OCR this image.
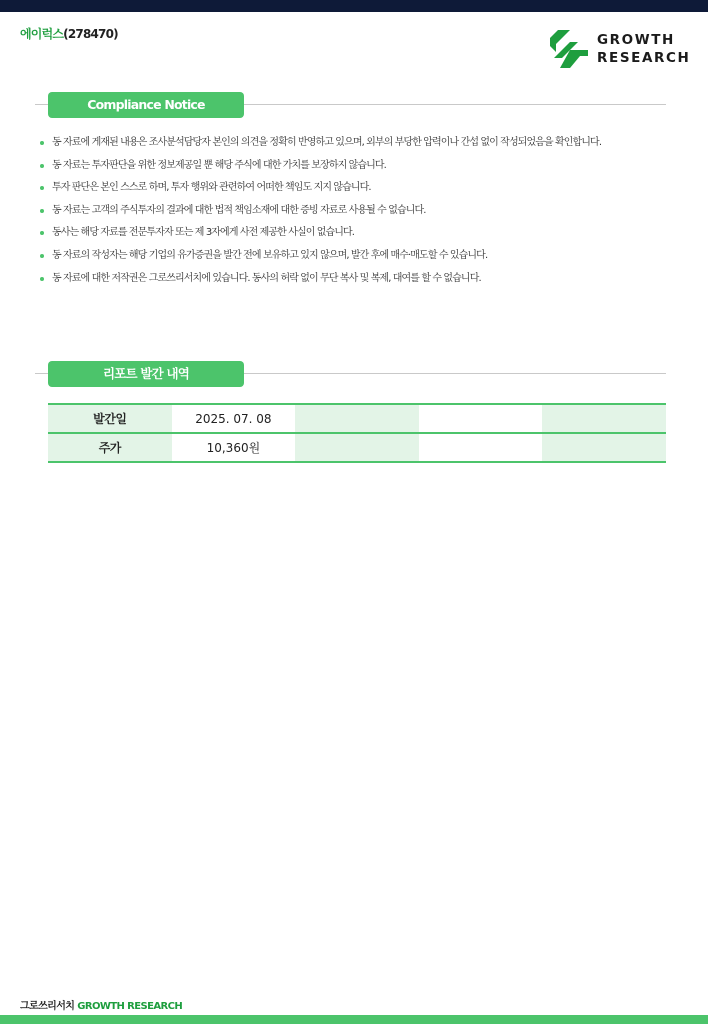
에이럭스(278470)	GROWTH
RESEARCH
Compliance Notice
동 자료에 게재된 내용은 조사분석담당자 본인의 의견을 정확히 반영하고 있으며, 외부의 부당한 압력이나 간섭 없이 작성되었음을 확인합니다.
동 자료는 투자판단을 위한 정보제공일 뿐 해당 주식에 대한 가치를 보장하지 않습니다.
투자 판단은 본인 스스로 하며, 투자 행위와 관련하여 어떠한 책임도 지지 않습니다.
동 자료는 고객의 주식투자의 결과에 대한 법적 책임소재에 대한 증빙 자료로 사용될 수 없습니다.
동사는 해당 자료를 전문투자자 또는 제 3자에게 사전 제공한 사실이 없습니다.
동 자료의 작성자는 해당 기업의 유가증권을 발간 전에 보유하고 있지 않으며, 발간 후에 매수·매도할 수 있습니다.
동 자료에 대한 저작권은 그로쓰리서치에 있습니다. 동사의 허락 없이 무단 복사 및 복제, 대여를 할 수 없습니다.
리포트 발간 내역
발간일	2025. 07. 08			
주가	10,360원			
그로쓰리서치 GROWTH RESEARCH
